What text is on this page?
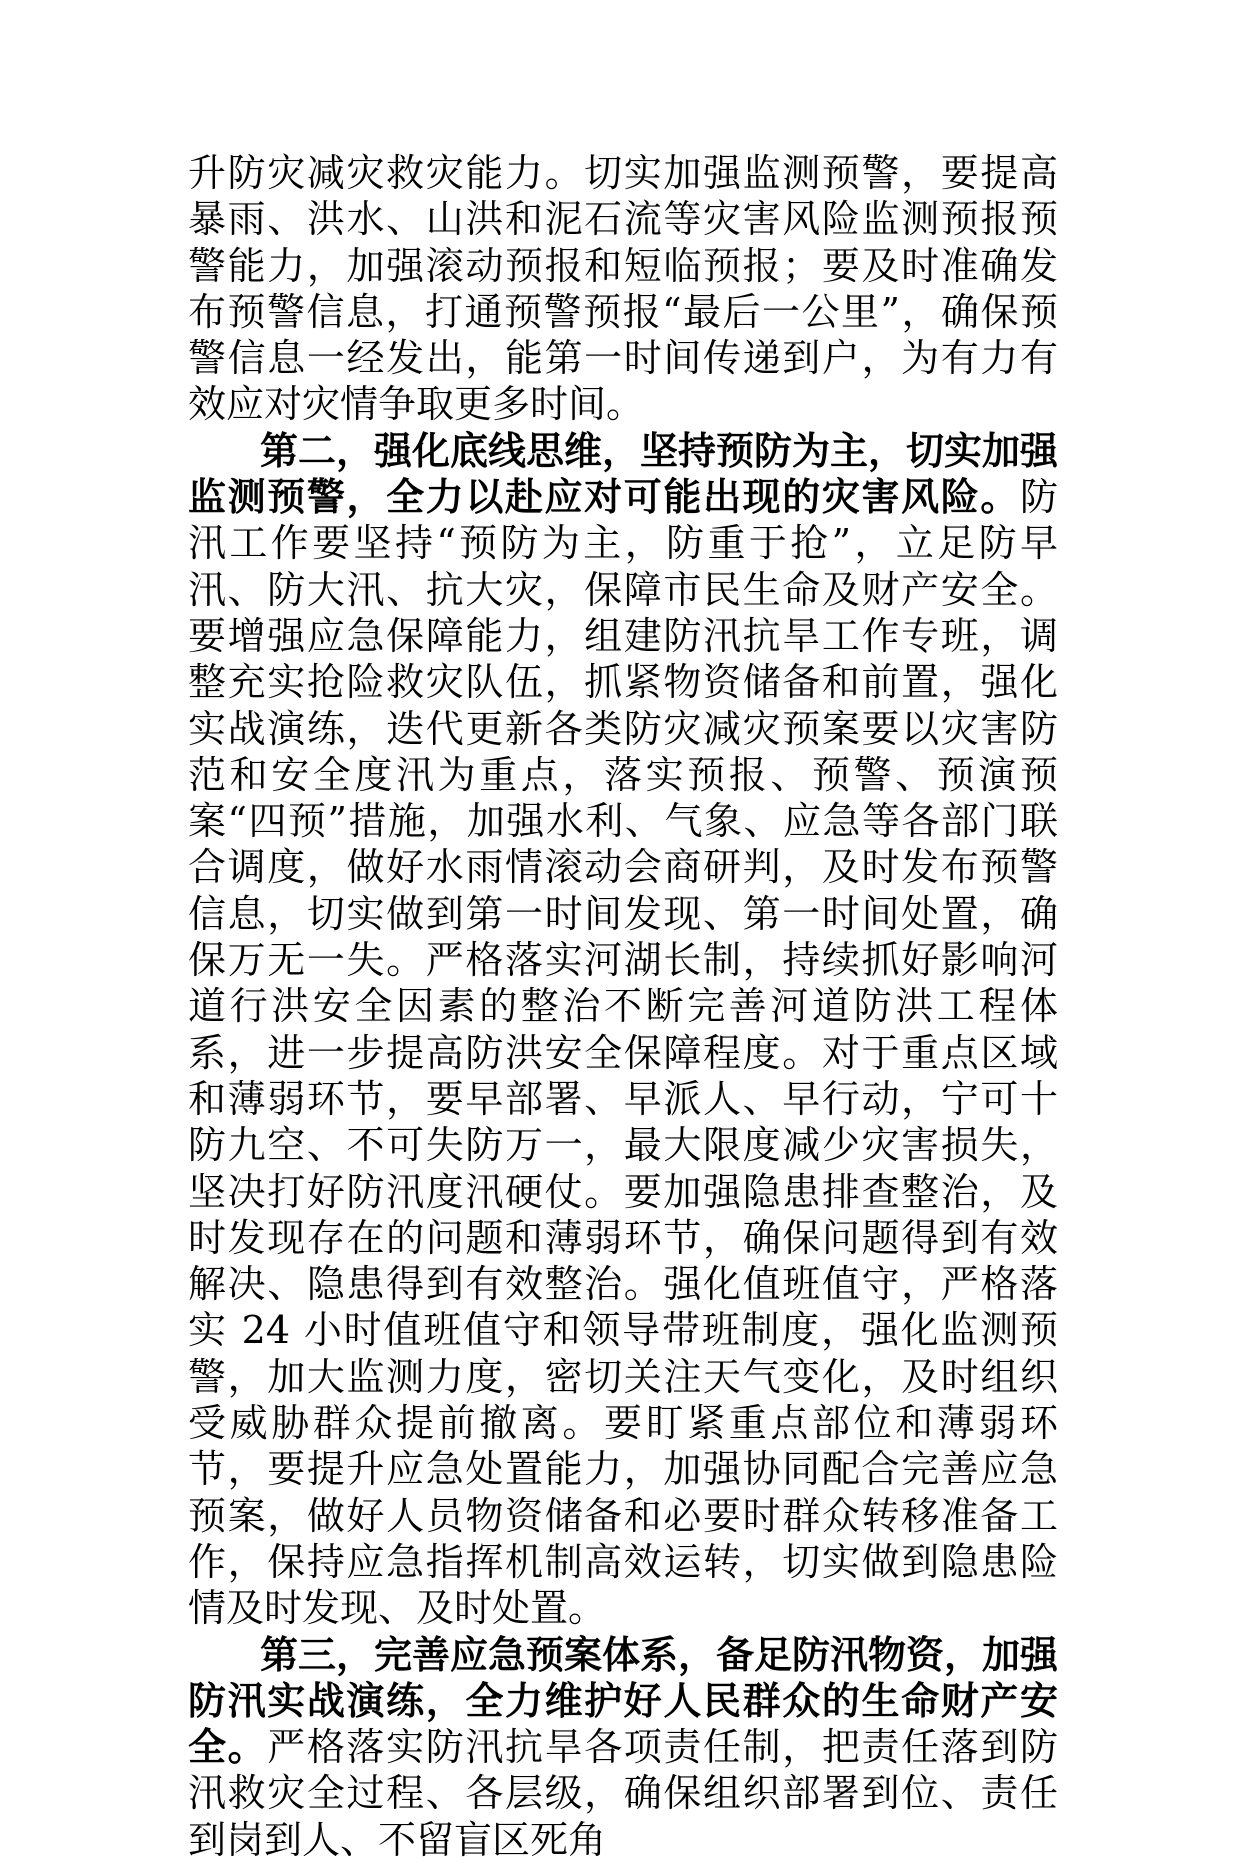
升防灾减灾救灾能力。切实加强监测预警，要提高暴雨、洪水、山洪和泥石流等灾害风险监测预报预警能力，加强滚动预报和短临预报；要及时准确发布预警信息，打通预警预报“最后一公里”，确保预警信息一经发出，能第一时间传递到户，为有力有效应对灾情争取更多时间。

第二，强化底线思维，坚持预防为主，切实加强监测预警，全力以赴应对可能出现的灾害风险。防汛工作要坚持“预防为主，防重于抢”，立足防早汛、防大汛、抗大灾，保障市民生命及财产安全。要增强应急保障能力，组建防汛抗旱工作专班，调整充实抢险救灾队伍，抓紧物资储备和前置，强化实战演练，迭代更新各类防灾减灾预案要以灾害防范和安全度汛为重点，落实预报、预警、预演预案“四预”措施，加强水利、气象、应急等各部门联合调度，做好水雨情滚动会商研判，及时发布预警信息，切实做到第一时间发现、第一时间处置，确保万无一失。严格落实河湖长制，持续抓好影响河道行洪安全因素的整治不断完善河道防洪工程体系，进一步提高防洪安全保障程度。对于重点区域和薄弱环节，要早部署、早派人、早行动，宁可十防九空、不可失防万一，最大限度减少灾害损失，坚决打好防汛度汛硬仗。要加强隐患排查整治，及时发现存在的问题和薄弱环节，确保问题得到有效解决、隐患得到有效整治。强化值班值守，严格落实 24 小时值班值守和领导带班制度，强化监测预警，加大监测力度，密切关注天气变化，及时组织受威胁群众提前撤离。要盯紧重点部位和薄弱环节，要提升应急处置能力，加强协同配合完善应急预案，做好人员物资储备和必要时群众转移准备工作，保持应急指挥机制高效运转，切实做到隐患险情及时发现、及时处置。

第三，完善应急预案体系，备足防汛物资，加强防汛实战演练，全力维护好人民群众的生命财产安全。严格落实防汛抗旱各项责任制，把责任落到防汛救灾全过程、各层级，确保组织部署到位、责任到岗到人、不留盲区死角
